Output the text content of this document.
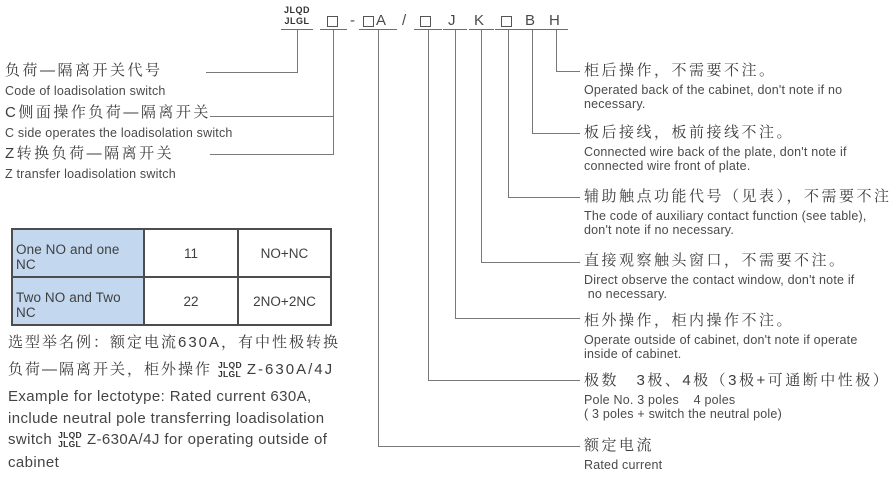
JLQD JLGL	- A /	J K	B H
负荷—隔离开关代号
Code of loadisolation switch
C侧面操作负荷—隔离开关
C side operates the loadisolation switch
Z转换负荷—隔离开关
Z transfer loadisolation switch
柜后操作，不需要不注。
Operated back of the cabinet, don't note if no
necessary.
板后接线，板前接线不注。
Connected wire back of the plate, don't note if
connected wire front of plate.
辅助触点功能代号（见表），不需要不注
The code of auxiliary contact function (see table),
don't note if no necessary.
直接观察触头窗口，不需要不注。
Direct observe the contact window, don't note if
no necessary.
柜外操作，柜内操作不注。
Operate outside of cabinet, don't note if operate
inside of cabinet.
极数　3极、4极（3极+可通断中性极）
Pole No. 3 poles    4 poles
( 3 poles + switch the neutral pole)
额定电流
Rated current
One NO and one NC	11	NO+NC
Two NO and Two NC	22	2NO+2NC
选型举名例：额定电流630A，有中性极转换
负荷—隔离开关，柜外操作 JLQD
JLGL Z-630A/4J
Example for lectotype: Rated current 630A,
include neutral pole transferring loadisolation
switch JLQD
JLGL Z-630A/4J for operating outside of
cabinet
